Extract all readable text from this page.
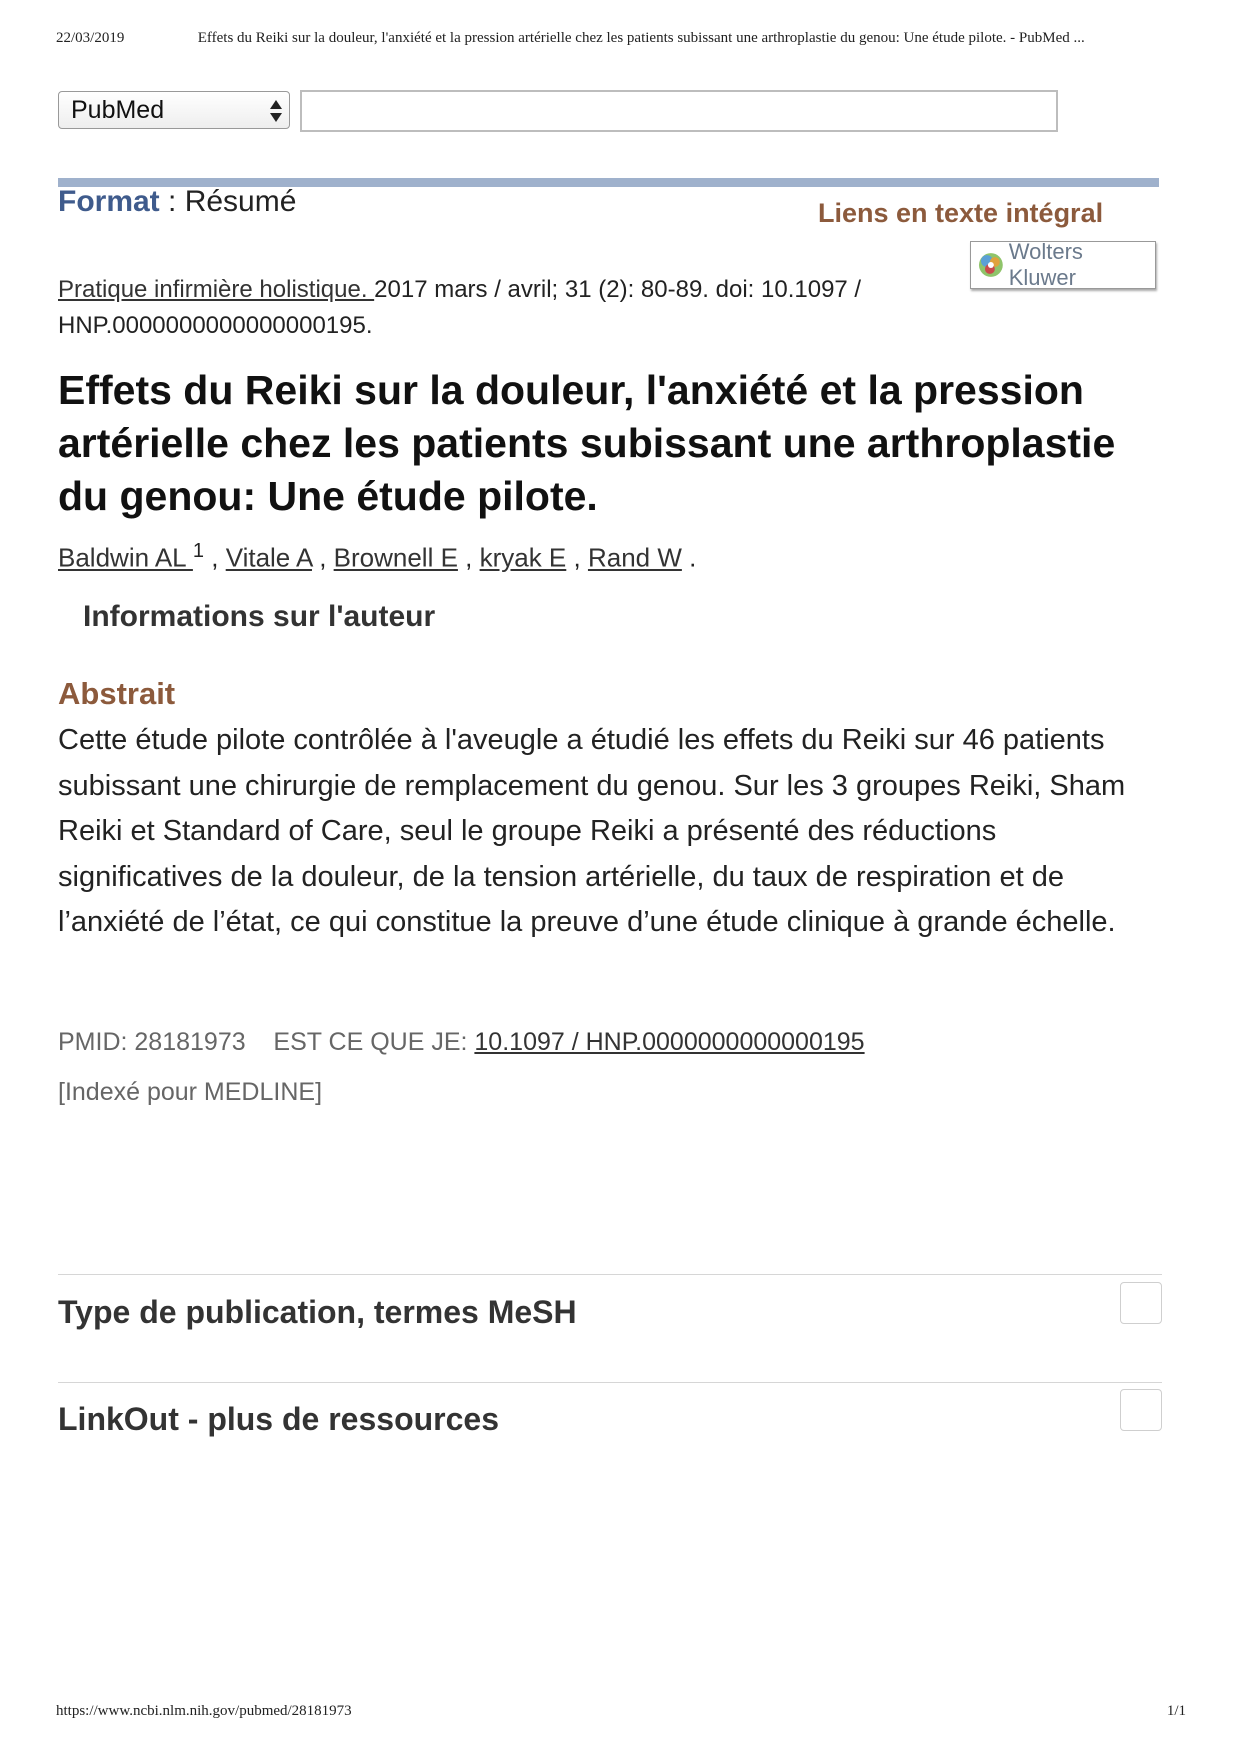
22/03/2019	Effets du Reiki sur la douleur, l'anxiété et la pression artérielle chez les patients subissant une arthroplastie du genou: Une étude pilote. - PubMed ...
PubMed
Format : Résumé	Liens en texte intégral
Wolters Kluwer
Pratique infirmière holistique. 2017 mars / avril; 31 (2): 80-89. doi: 10.1097 / HNP.0000000000000000195.
Effets du Reiki sur la douleur, l'anxiété et la pression artérielle chez les patients subissant une arthroplastie du genou: Une étude pilote.
Baldwin AL $^1$ , Vitale A , Brownell E , kryak E , Rand W .
Informations sur l'auteur
Abstrait
Cette étude pilote contrôlée à l'aveugle a étudié les effets du Reiki sur 46 patients subissant une chirurgie de remplacement du genou. Sur les 3 groupes Reiki, Sham Reiki et Standard of Care, seul le groupe Reiki a présenté des réductions significatives de la douleur, de la tension artérielle, du taux de respiration et de l’anxiété de l’état, ce qui constitue la preuve d’une étude clinique à grande échelle.
PMID: 28181973 EST CE QUE JE: 10.1097 / HNP.0000000000000195
[Indexé pour MEDLINE]
Type de publication, termes MeSH
LinkOut - plus de ressources
https://www.ncbi.nlm.nih.gov/pubmed/28181973	1/1
